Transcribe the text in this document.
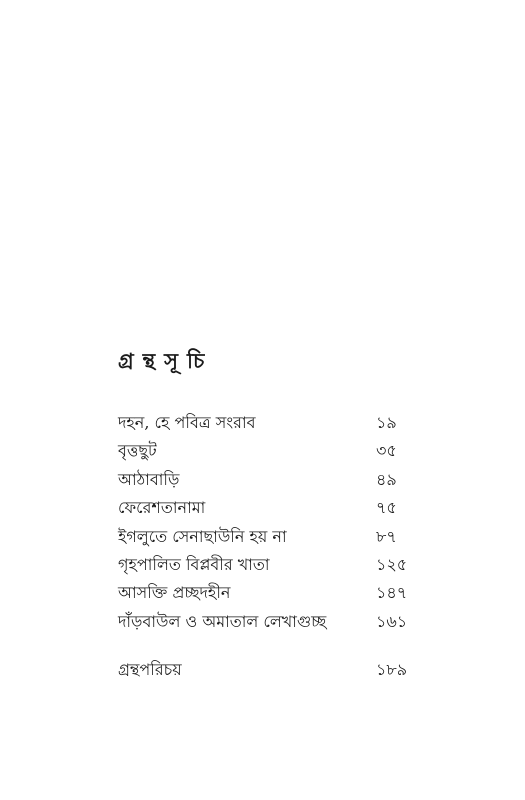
গ্রন্থসূচি
দহন, হে পবিত্র সংরাব	১৯
বৃত্তছুট	৩৫
আঠাবাড়ি	৪৯
ফেরেশতানামা	৭৫
ইগলুতে সেনাছাউনি হয় না	৮৭
গৃহপালিত বিপ্লবীর খাতা	১২৫
আসক্তি প্রচ্ছদহীন	১৪৭
দাঁড়বাউল ও অমাতাল লেখাগুচ্ছ	১৬১
গ্রন্থপরিচয়	১৮৯
